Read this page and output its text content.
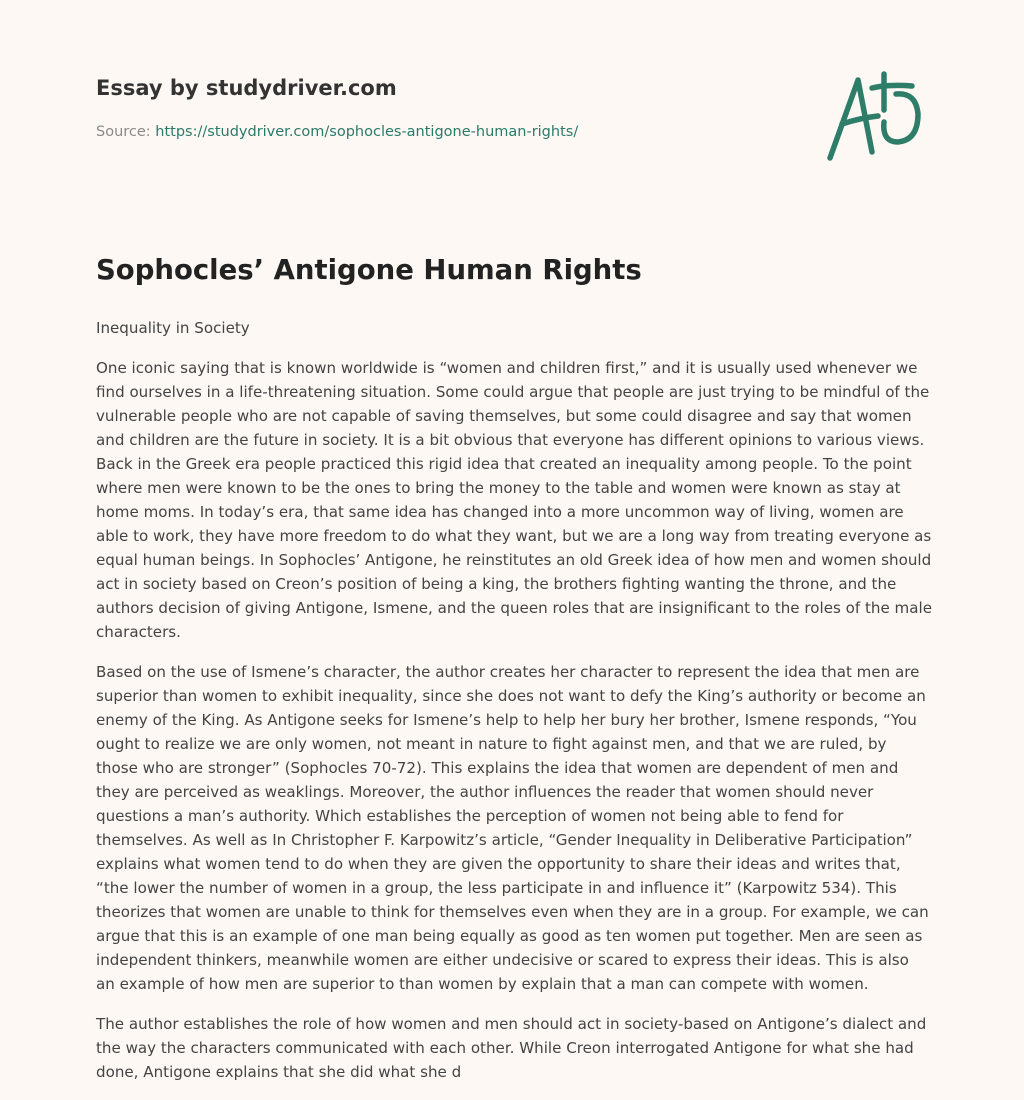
Essay by studydriver.com
Source: https://studydriver.com/sophocles-antigone-human-rights/
Sophocles’ Antigone Human Rights

Inequality in Society

One iconic saying that is known worldwide is “women and children first,” and it is usually used whenever we find ourselves in a life-threatening situation. Some could argue that people are just trying to be mindful of the vulnerable people who are not capable of saving themselves, but some could disagree and say that women and children are the future in society. It is a bit obvious that everyone has different opinions to various views. Back in the Greek era people practiced this rigid idea that created an inequality among people. To the point where men were known to be the ones to bring the money to the table and women were known as stay at home moms. In today’s era, that same idea has changed into a more uncommon way of living, women are able to work, they have more freedom to do what they want, but we are a long way from treating everyone as equal human beings. In Sophocles’ Antigone, he reinstitutes an old Greek idea of how men and women should act in society based on Creon’s position of being a king, the brothers fighting wanting the throne, and the authors decision of giving Antigone, Ismene, and the queen roles that are insignificant to the roles of the male characters.

Based on the use of Ismene’s character, the author creates her character to represent the idea that men are superior than women to exhibit inequality, since she does not want to defy the King’s authority or become an enemy of the King. As Antigone seeks for Ismene’s help to help her bury her brother, Ismene responds, “You ought to realize we are only women, not meant in nature to fight against men, and that we are ruled, by those who are stronger” (Sophocles 70-72). This explains the idea that women are dependent of men and they are perceived as weaklings. Moreover, the author influences the reader that women should never questions a man’s authority. Which establishes the perception of women not being able to fend for themselves. As well as In Christopher F. Karpowitz’s article, “Gender Inequality in Deliberative Participation” explains what women tend to do when they are given the opportunity to share their ideas and writes that, “the lower the number of women in a group, the less participate in and influence it” (Karpowitz 534). This theorizes that women are unable to think for themselves even when they are in a group. For example, we can argue that this is an example of one man being equally as good as ten women put together. Men are seen as independent thinkers, meanwhile women are either undecisive or scared to express their ideas. This is also an example of how men are superior to than women by explain that a man can compete with women.

The author establishes the role of how women and men should act in society-based on Antigone’s dialect and the way the characters communicated with each other. While Creon interrogated Antigone for what she had done, Antigone explains that she did what she d
